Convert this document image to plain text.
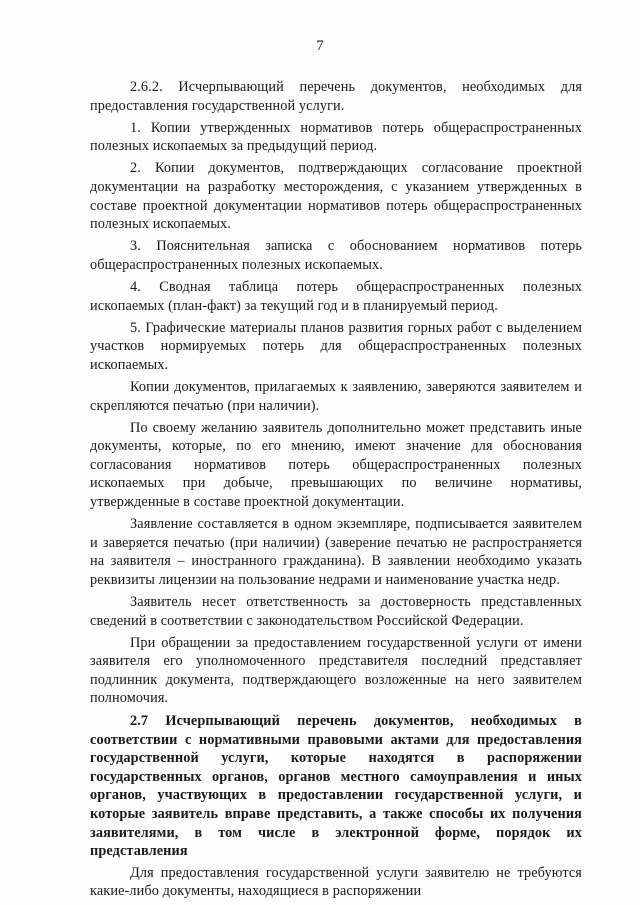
7

2.6.2. Исчерпывающий перечень документов, необходимых для предоставления государственной услуги.

1. Копии утвержденных нормативов потерь общераспространенных полезных ископаемых за предыдущий период.

2. Копии документов, подтверждающих согласование проектной документации на разработку месторождения, с указанием утвержденных в составе проектной документации нормативов потерь общераспространенных полезных ископаемых.

3. Пояснительная записка с обоснованием нормативов потерь общераспространенных полезных ископаемых.

4. Сводная таблица потерь общераспространенных полезных ископаемых (план-факт) за текущий год и в планируемый период.

5. Графические материалы планов развития горных работ с выделением участков нормируемых потерь для общераспространенных полезных ископаемых.

Копии документов, прилагаемых к заявлению, заверяются заявителем и скрепляются печатью (при наличии).

По своему желанию заявитель дополнительно может представить иные документы, которые, по его мнению, имеют значение для обоснования согласования нормативов потерь общераспространенных полезных ископаемых при добыче, превышающих по величине нормативы, утвержденные в составе проектной документации.

Заявление составляется в одном экземпляре, подписывается заявителем и заверяется печатью (при наличии) (заверение печатью не распространяется на заявителя – иностранного гражданина). В заявлении необходимо указать реквизиты лицензии на пользование недрами и наименование участка недр.

Заявитель несет ответственность за достоверность представленных сведений в соответствии с законодательством Российской Федерации.

При обращении за предоставлением государственной услуги от имени заявителя его уполномоченного представителя последний представляет подлинник документа, подтверждающего возложенные на него заявителем полномочия.

2.7 Исчерпывающий перечень документов, необходимых в соответствии с нормативными правовыми актами для предоставления государственной услуги, которые находятся в распоряжении государственных органов, органов местного самоуправления и иных органов, участвующих в предоставлении государственной услуги, и которые заявитель вправе представить, а также способы их получения заявителями, в том числе в электронной форме, порядок их представления

Для предоставления государственной услуги заявителю не требуются какие-либо документы, находящиеся в распоряжении
